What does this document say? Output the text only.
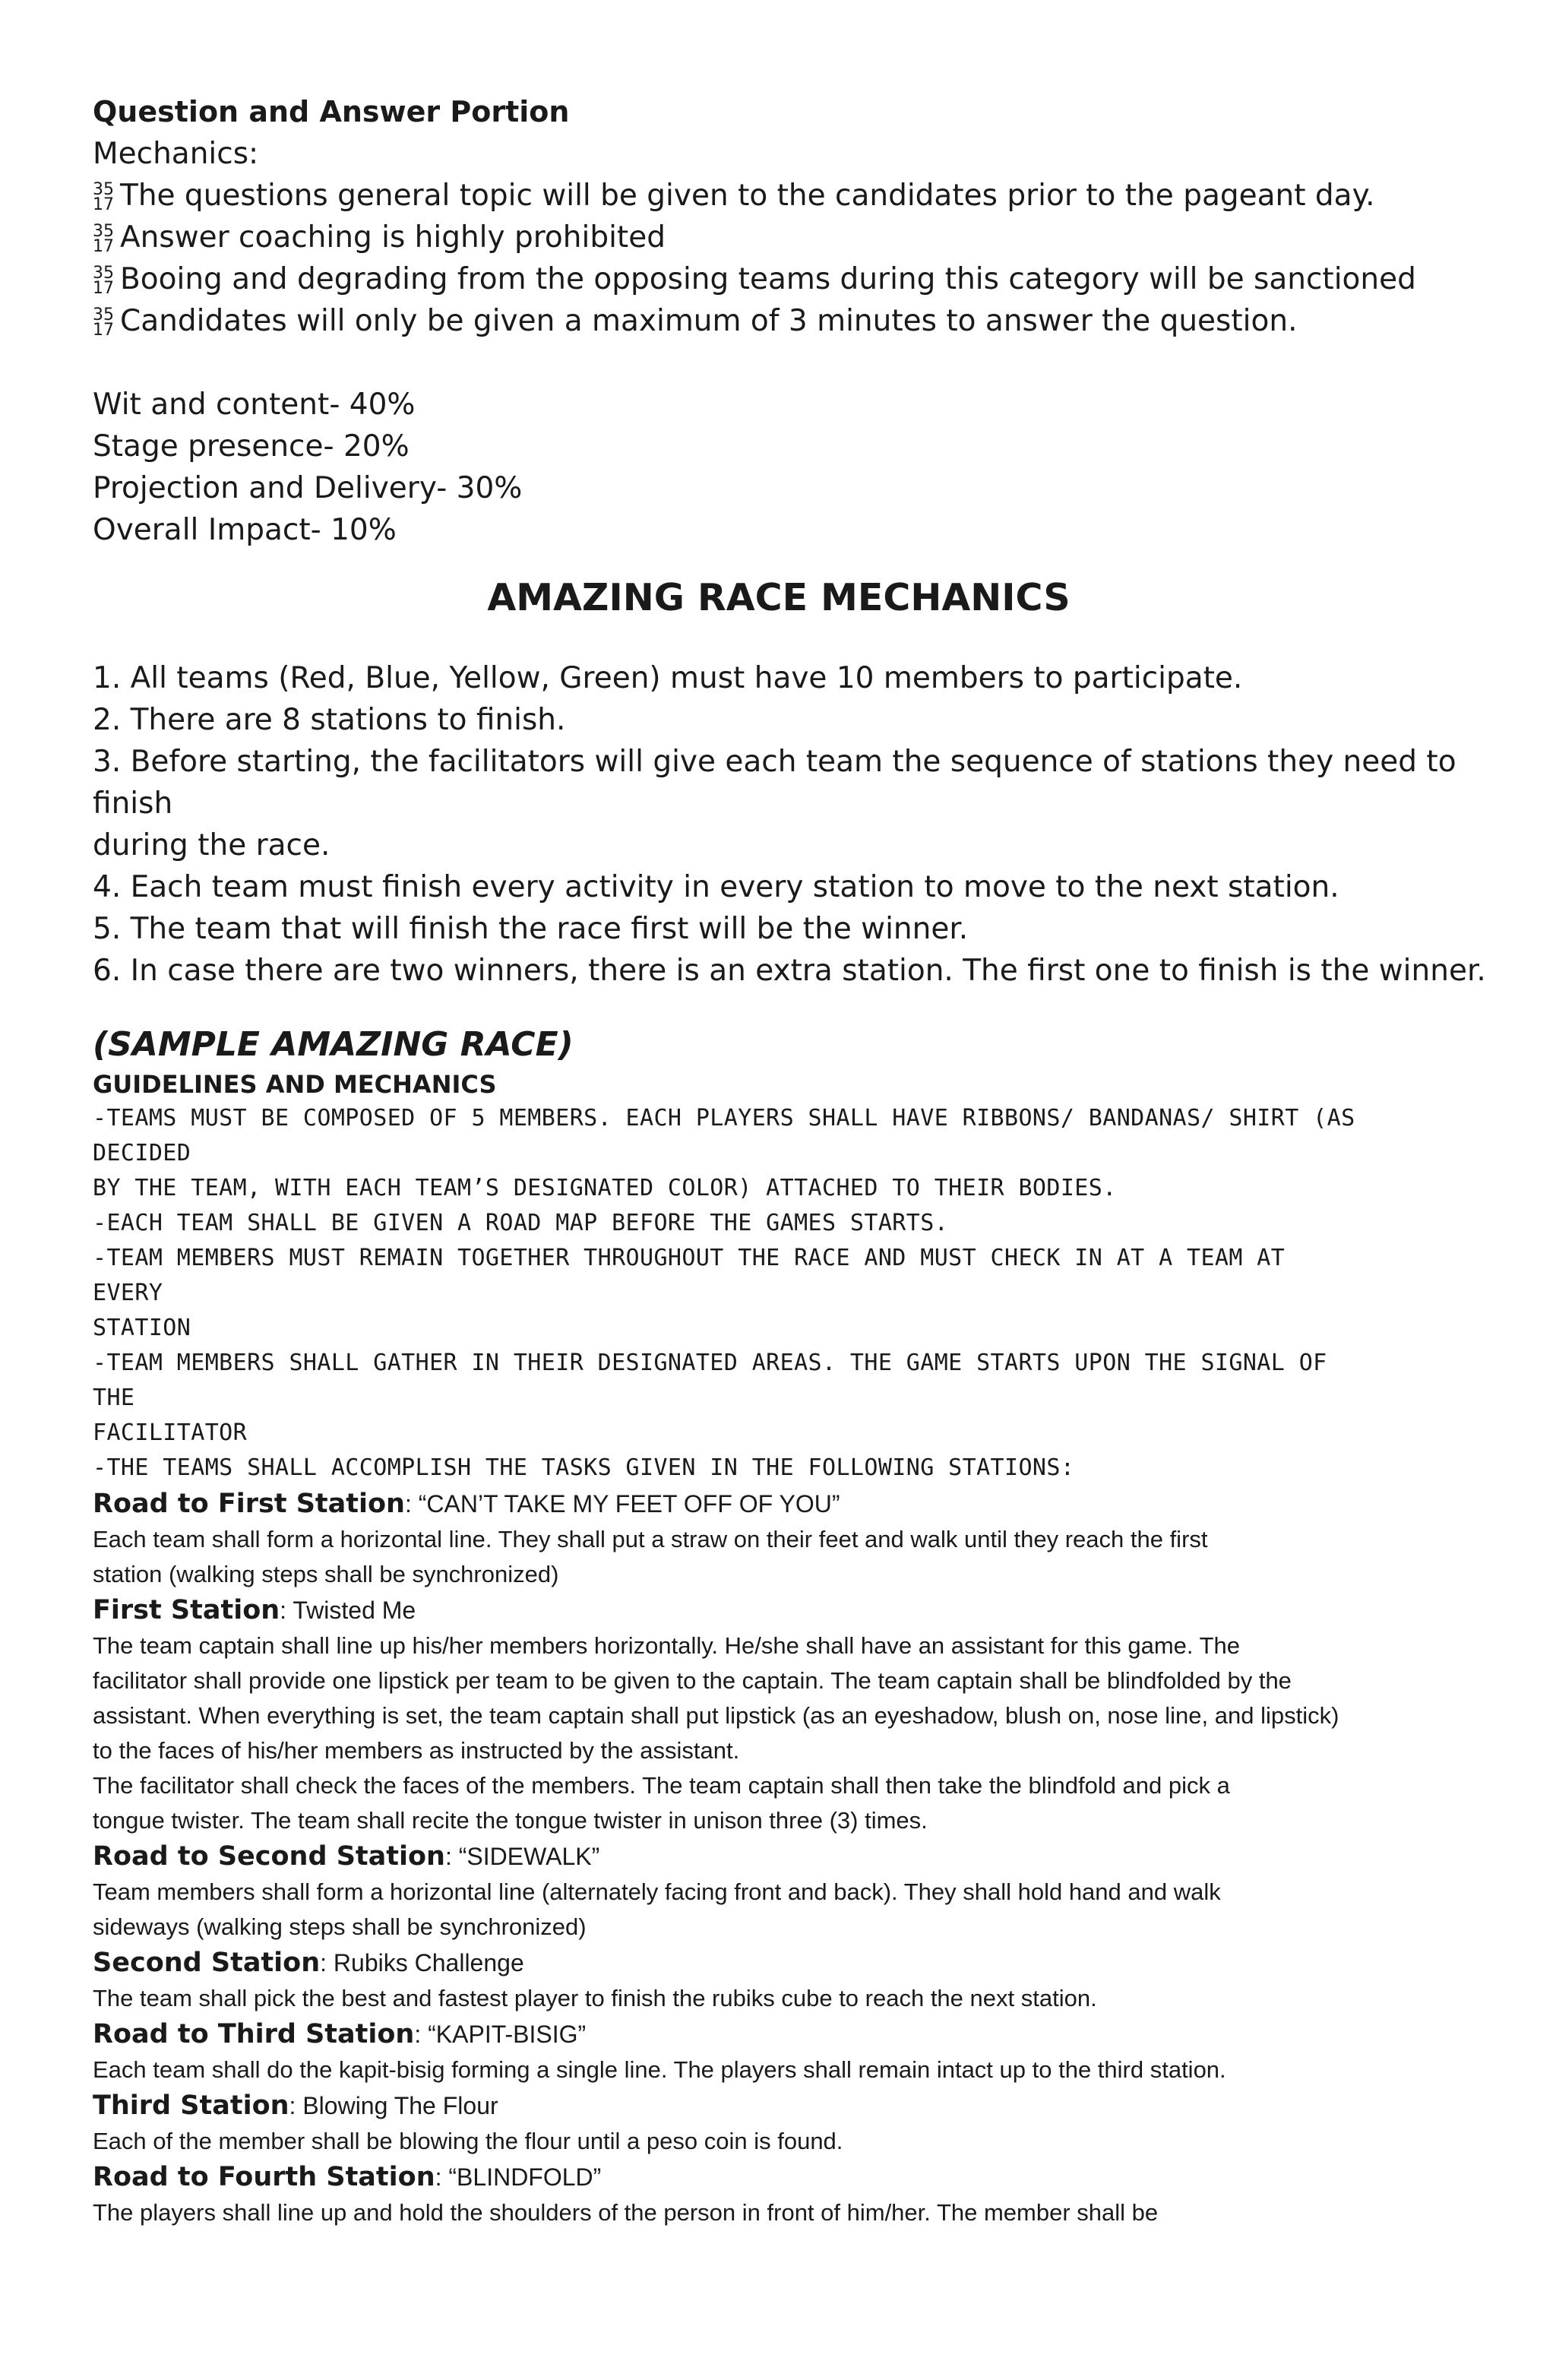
Question and Answer Portion
Mechanics:
35
17 The questions general topic will be given to the candidates prior to the pageant day.
35
17 Answer coaching is highly prohibited
35
17 Booing and degrading from the opposing teams during this category will be sanctioned
35
17 Candidates will only be given a maximum of 3 minutes to answer the question.
Wit and content- 40%
Stage presence- 20%
Projection and Delivery- 30%
Overall Impact- 10%
AMAZING RACE MECHANICS
1. All teams (Red, Blue, Yellow, Green) must have 10 members to participate.
2. There are 8 stations to finish.
3. Before starting, the facilitators will give each team the sequence of stations they need to
finish
during the race.
4. Each team must finish every activity in every station to move to the next station.
5. The team that will finish the race first will be the winner.
6. In case there are two winners, there is an extra station. The first one to finish is the winner.
(SAMPLE AMAZING RACE)
GUIDELINES AND MECHANICS
-TEAMS MUST BE COMPOSED OF 5 MEMBERS. EACH PLAYERS SHALL HAVE RIBBONS/ BANDANAS/ SHIRT (AS
DECIDED
BY THE TEAM, WITH EACH TEAM’S DESIGNATED COLOR) ATTACHED TO THEIR BODIES.
-EACH TEAM SHALL BE GIVEN A ROAD MAP BEFORE THE GAMES STARTS.
-TEAM MEMBERS MUST REMAIN TOGETHER THROUGHOUT THE RACE AND MUST CHECK IN AT A TEAM AT
EVERY
STATION
-TEAM MEMBERS SHALL GATHER IN THEIR DESIGNATED AREAS. THE GAME STARTS UPON THE SIGNAL OF
THE
FACILITATOR
-THE TEAMS SHALL ACCOMPLISH THE TASKS GIVEN IN THE FOLLOWING STATIONS:
Road to First Station: “CAN’T TAKE MY FEET OFF OF YOU”
Each team shall form a horizontal line. They shall put a straw on their feet and walk until they reach the first
station (walking steps shall be synchronized)
First Station: Twisted Me
The team captain shall line up his/her members horizontally. He/she shall have an assistant for this game. The
facilitator shall provide one lipstick per team to be given to the captain. The team captain shall be blindfolded by the
assistant. When everything is set, the team captain shall put lipstick (as an eyeshadow, blush on, nose line, and lipstick)
to the faces of his/her members as instructed by the assistant.
The facilitator shall check the faces of the members. The team captain shall then take the blindfold and pick a
tongue twister. The team shall recite the tongue twister in unison three (3) times.
Road to Second Station: “SIDEWALK”
Team members shall form a horizontal line (alternately facing front and back). They shall hold hand and walk
sideways (walking steps shall be synchronized)
Second Station: Rubiks Challenge
The team shall pick the best and fastest player to finish the rubiks cube to reach the next station.
Road to Third Station: “KAPIT-BISIG”
Each team shall do the kapit-bisig forming a single line. The players shall remain intact up to the third station.
Third Station: Blowing The Flour
Each of the member shall be blowing the flour until a peso coin is found.
Road to Fourth Station: “BLINDFOLD”
The players shall line up and hold the shoulders of the person in front of him/her. The member shall be
